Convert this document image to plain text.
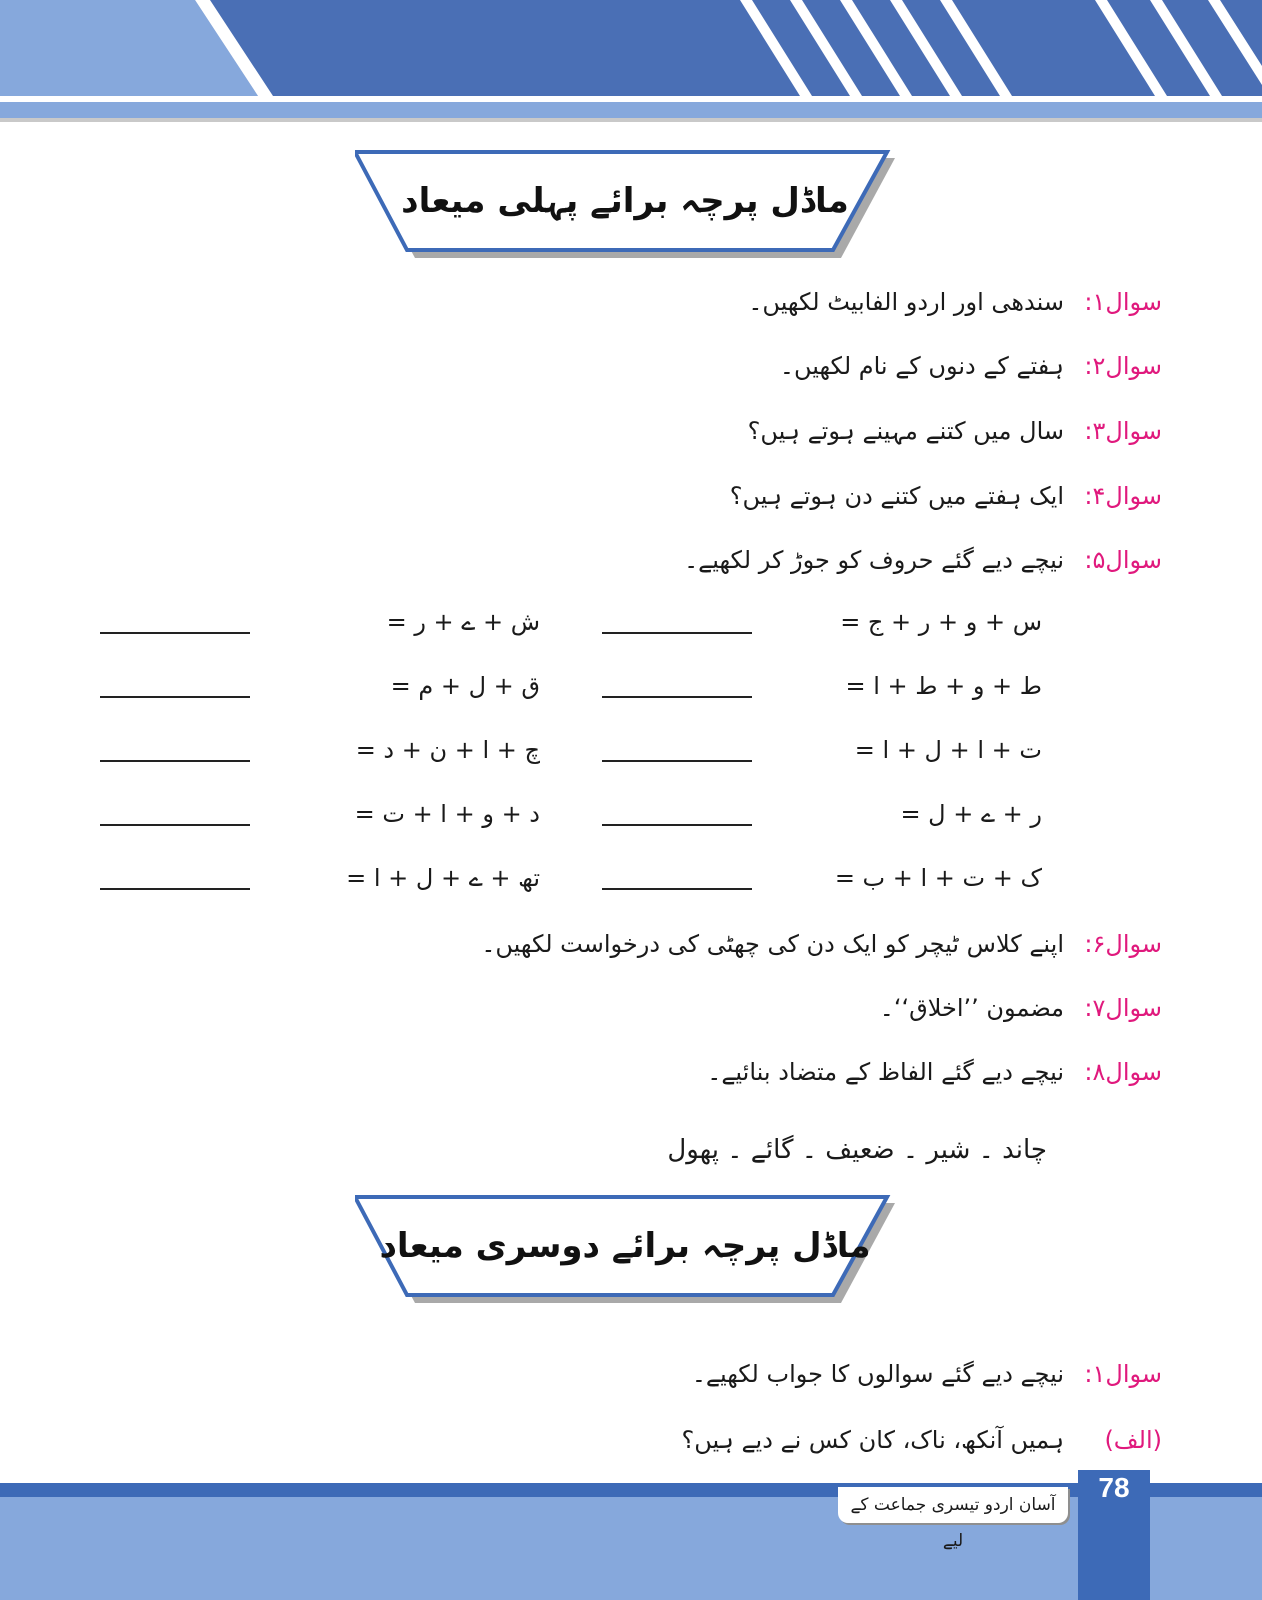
ماڈل پرچہ برائے پہلی میعاد
سوال۱:
سندھی اور اردو الفابیٹ لکھیں۔
سوال۲:
ہفتے کے دنوں کے نام لکھیں۔
سوال۳:
سال میں کتنے مہینے ہوتے ہیں؟
سوال۴:
ایک ہفتے میں کتنے دن ہوتے ہیں؟
سوال۵:
نیچے دیے گئے حروف کو جوڑ کر لکھیے۔
س + و + ر + ج =
ط + و + ط + ا =
ت + ا + ل + ا =
ر + ے + ل =
ک + ت + ا + ب =
ش + ے + ر =
ق + ل + م =
چ + ا + ن + د =
د + و + ا + ت =
تھ + ے + ل + ا =
سوال۶:
اپنے کلاس ٹیچر کو ایک دن کی چھٹی کی درخواست لکھیں۔
سوال۷:
مضمون ’’اخلاق‘‘۔
سوال۸:
نیچے دیے گئے الفاظ کے متضاد بنائیے۔
چاند ۔ شیر ۔ ضعیف ۔ گائے ۔ پھول
ماڈل پرچہ برائے دوسری میعاد
سوال۱:
نیچے دیے گئے سوالوں کا جواب لکھیے۔
(الف)
ہمیں آنکھ، ناک، کان کس نے دیے ہیں؟
آسان اردو تیسری جماعت کے لیے
78
